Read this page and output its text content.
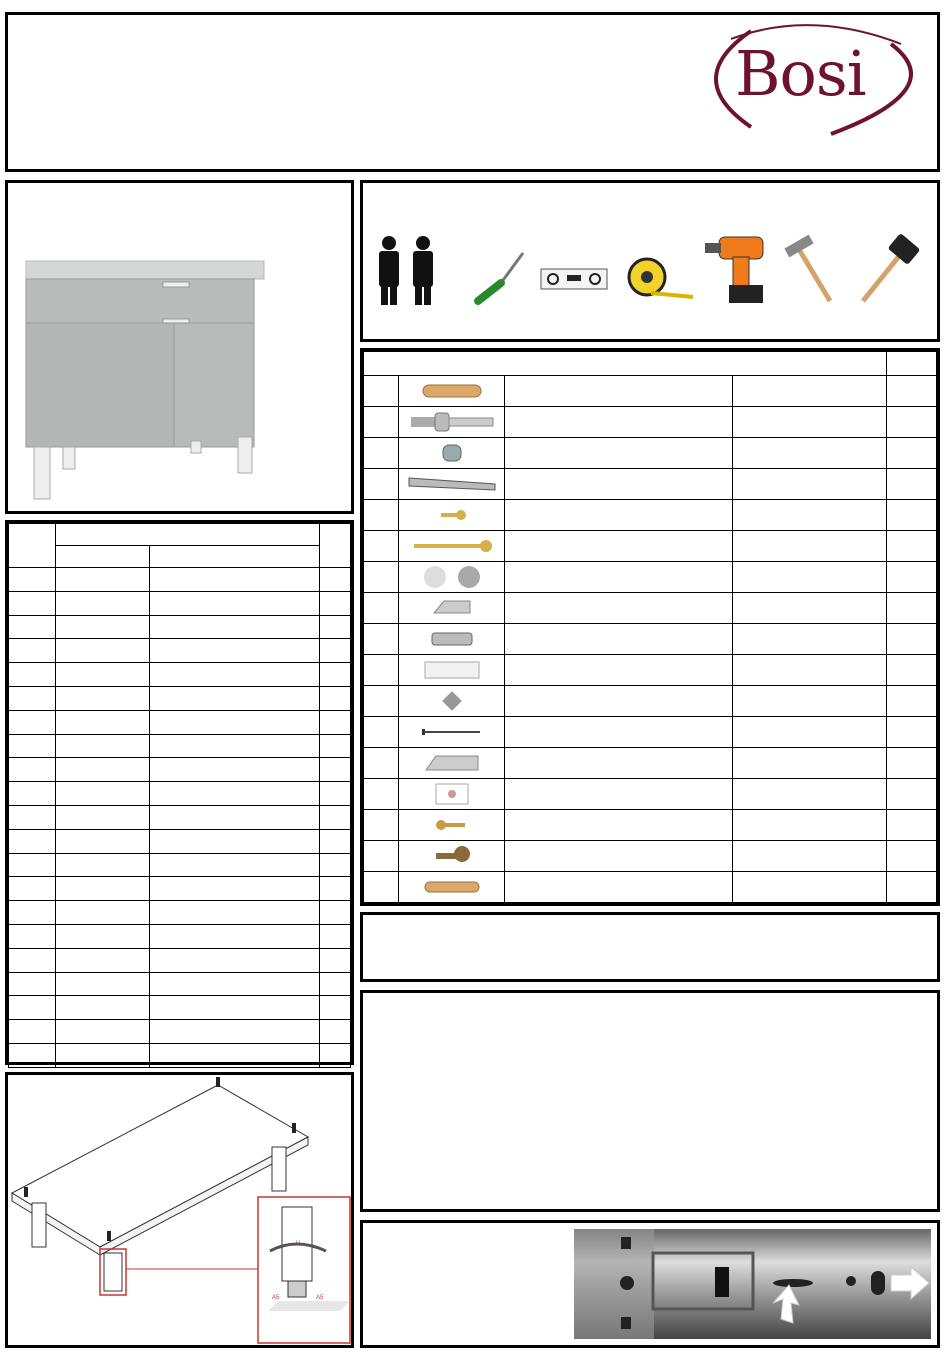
Bosi

V
A5	A5
